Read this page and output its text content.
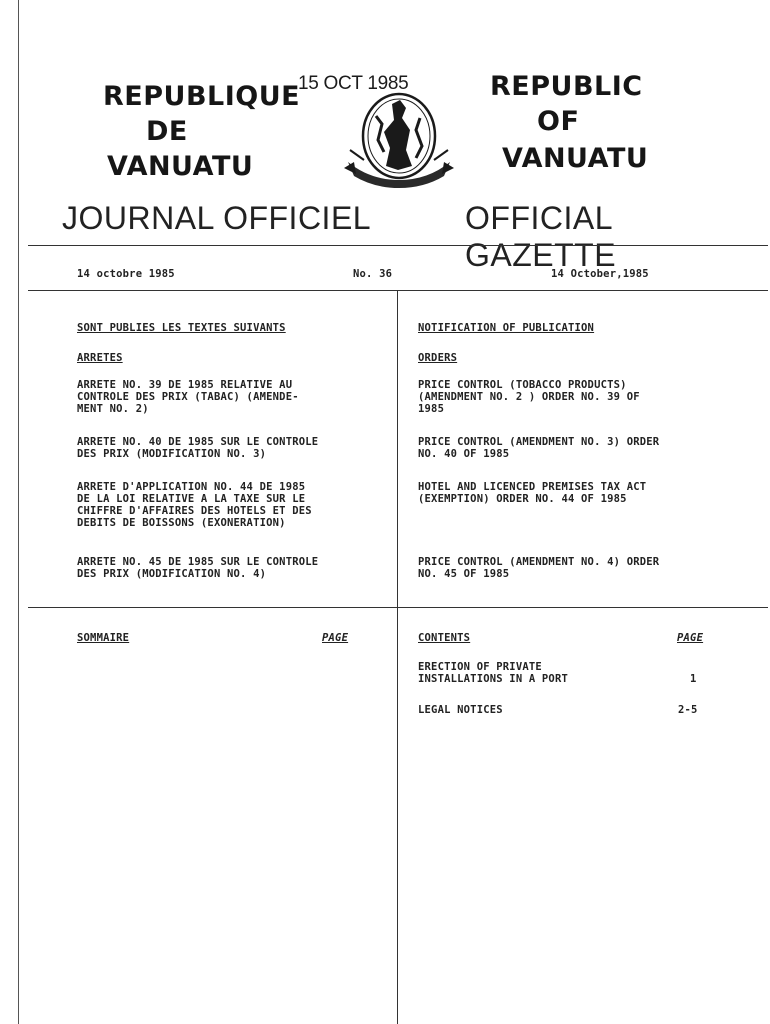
REPUBLIQUE
DE
VANUATU
15 OCT 1985	REPUBLIC
OF
VANUATU
JOURNAL OFFICIEL	OFFICIAL GAZETTE
14 octobre 1985	No. 36	14 October,1985
SONT PUBLIES LES TEXTES SUIVANTS
ARRETES
ARRETE NO. 39 DE 1985 RELATIVE AU
CONTROLE DES PRIX (TABAC) (AMENDE-
MENT NO. 2)
ARRETE NO. 40 DE 1985 SUR LE CONTROLE
DES PRIX (MODIFICATION NO. 3)
ARRETE D'APPLICATION NO. 44 DE 1985
DE LA LOI RELATIVE A LA TAXE SUR LE
CHIFFRE D'AFFAIRES DES HOTELS ET DES
DEBITS DE BOISSONS (EXONERATION)
ARRETE NO. 45 DE 1985 SUR LE CONTROLE
DES PRIX (MODIFICATION NO. 4)
NOTIFICATION OF PUBLICATION
ORDERS
PRICE CONTROL (TOBACCO PRODUCTS)
(AMENDMENT NO. 2 ) ORDER NO. 39 OF
1985
PRICE CONTROL (AMENDMENT NO. 3) ORDER
NO. 40 OF 1985
HOTEL AND LICENCED PREMISES TAX ACT
(EXEMPTION) ORDER NO. 44 OF 1985
PRICE CONTROL (AMENDMENT NO. 4) ORDER
NO. 45 OF 1985
SOMMAIRE	PAGE	CONTENTS	PAGE
ERECTION OF PRIVATE
INSTALLATIONS IN A PORT	1
LEGAL NOTICES	2-5
